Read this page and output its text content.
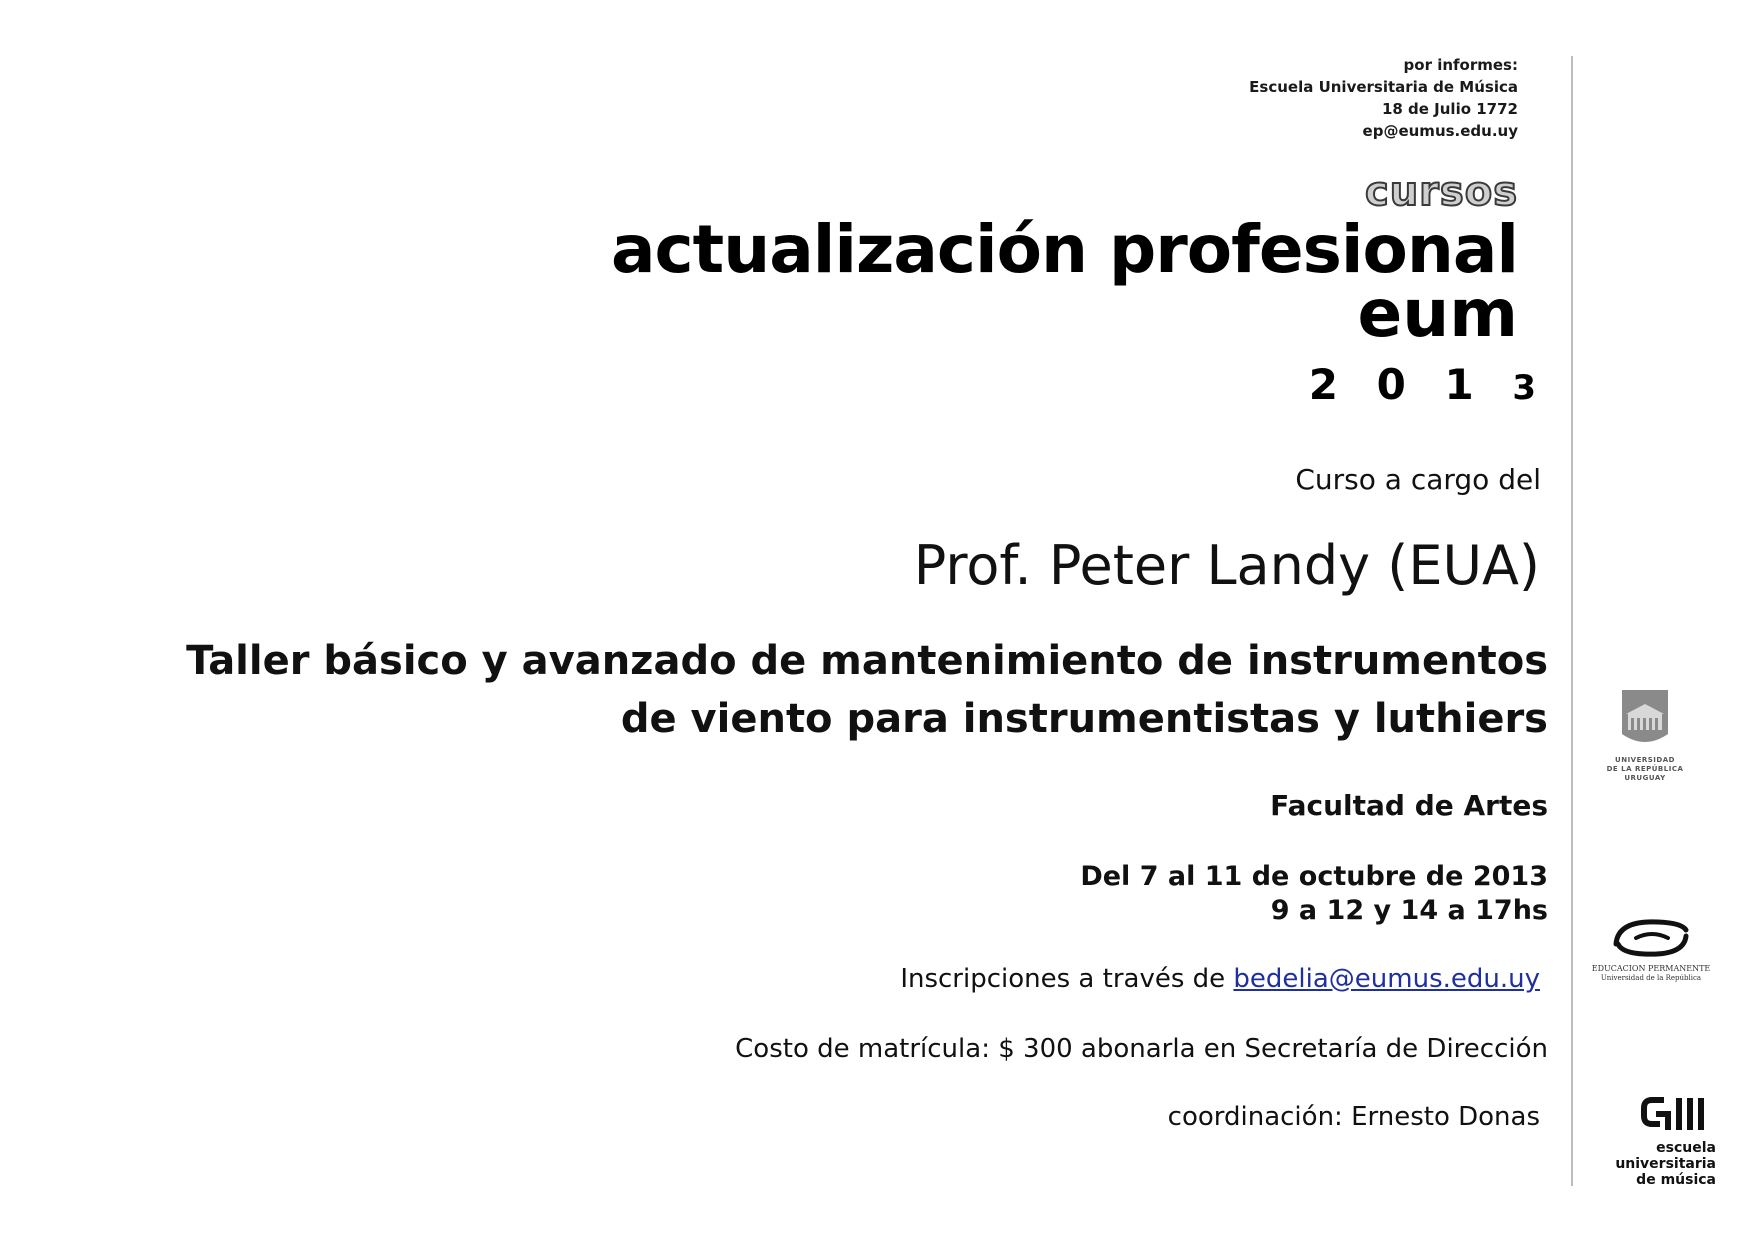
por informes:
Escuela Universitaria de Música
18 de Julio 1772
ep@eumus.edu.uy
cursos
actualización profesional
eum
2 0 1 3
Curso a cargo del
Prof. Peter Landy (EUA)
Taller básico y avanzado de mantenimiento de instrumentos
de viento para instrumentistas y luthiers
Facultad de Artes
Del 7 al 11 de octubre de 2013
9 a 12 y 14 a 17hs
Inscripciones a través de bedelia@eumus.edu.uy
Costo de matrícula: $ 300 abonarla en Secretaría de Dirección
coordinación: Ernesto Donas
UNIVERSIDAD
DE LA REPÚBLICA
URUGUAY
EDUCACION PERMANENTE
Universidad de la República
escuela
universitaria
de música
